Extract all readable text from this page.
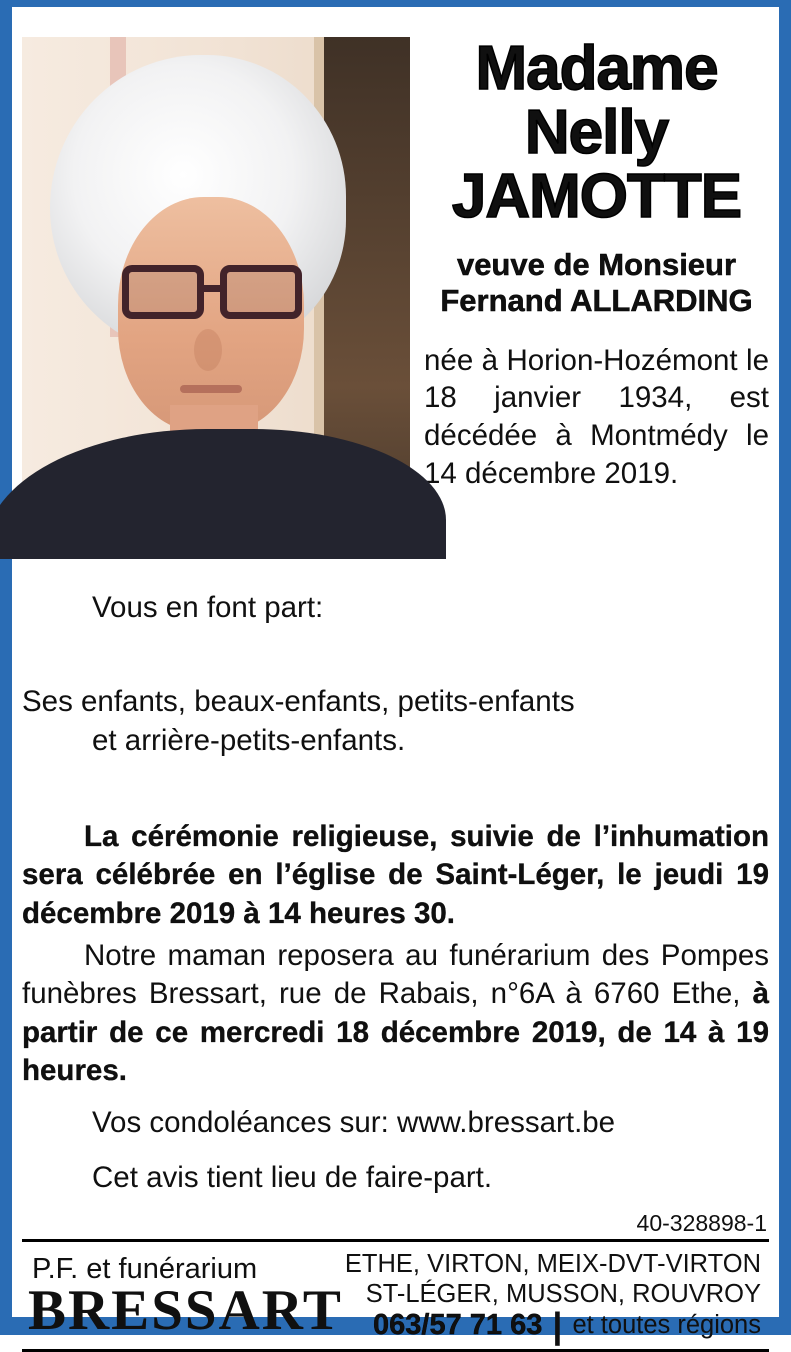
Madame
Nelly
JAMOTTE
veuve de Monsieur
Fernand ALLARDING
née à Horion-Hozémont le 18 janvier 1934, est décédée à Montmédy le 14 décembre 2019.

Vous en font part:

Ses enfants, beaux-enfants, petits-enfants
et arrière-petits-enfants.

La cérémonie religieuse, suivie de l’inhumation sera célébrée en l’église de Saint-Léger, le jeudi 19 décembre 2019 à 14 heures 30.

Notre maman reposera au funérarium des Pompes funèbres Bressart, rue de Rabais, n°6A à 6760 Ethe, à partir de ce mercredi 18 décembre 2019, de 14 à 19 heures.

Vos condoléances sur: www.bressart.be
Cet avis tient lieu de faire-part.
40-328898-1
P.F. et funérarium
BRESSART
ETHE, VIRTON, MEIX-DVT-VIRTON
ST-LÉGER, MUSSON, ROUVROY
063/57 71 63 | et toutes régions
